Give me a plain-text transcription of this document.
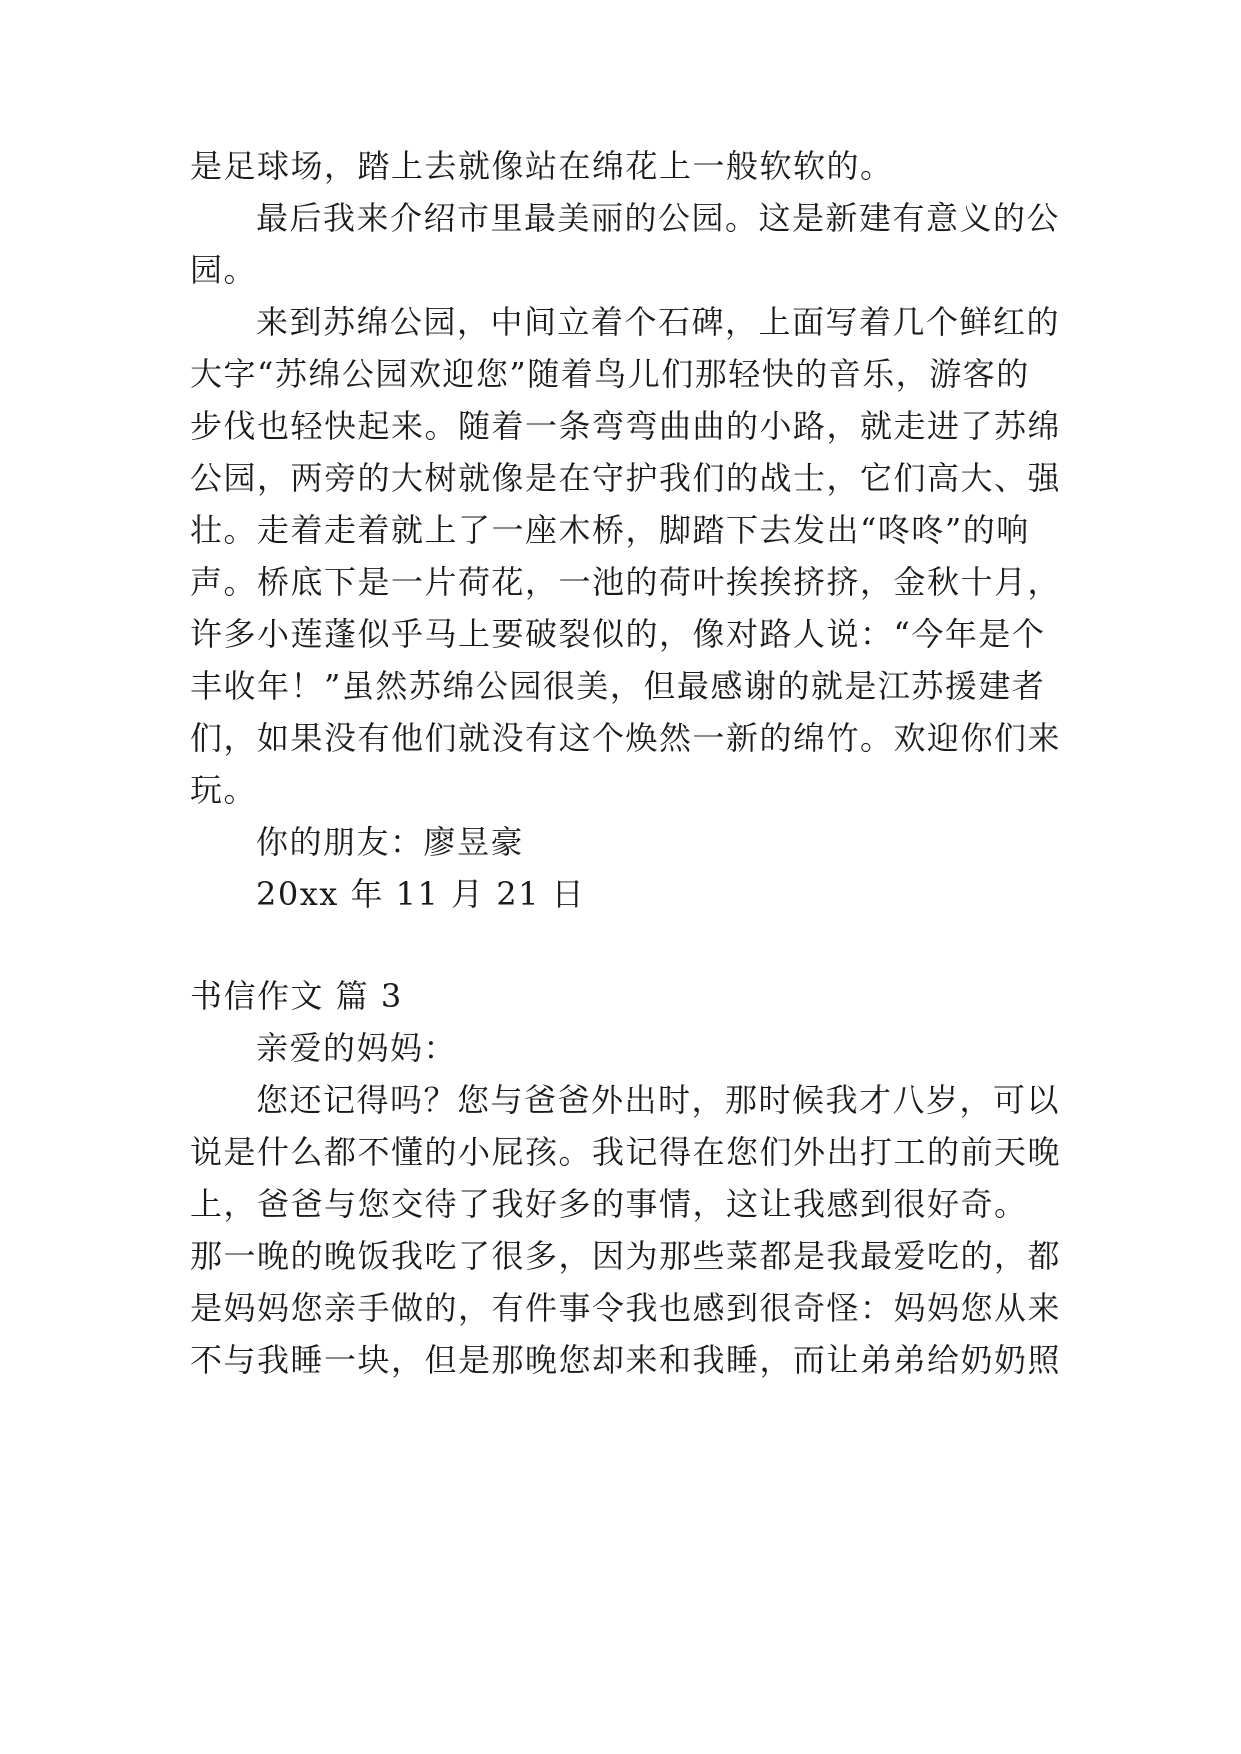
是足球场，踏上去就像站在绵花上一般软软的。
最后我来介绍市里最美丽的公园。这是新建有意义的公
园。
来到苏绵公园，中间立着个石碑，上面写着几个鲜红的
大字“苏绵公园欢迎您”随着鸟儿们那轻快的音乐，游客的
步伐也轻快起来。随着一条弯弯曲曲的小路，就走进了苏绵
公园，两旁的大树就像是在守护我们的战士，它们高大、强
壮。走着走着就上了一座木桥，脚踏下去发出“咚咚”的响
声。桥底下是一片荷花，一池的荷叶挨挨挤挤，金秋十月，
许多小莲蓬似乎马上要破裂似的，像对路人说：“今年是个
丰收年！”虽然苏绵公园很美，但最感谢的就是江苏援建者
们，如果没有他们就没有这个焕然一新的绵竹。欢迎你们来
玩。
你的朋友：廖昱豪
20xx 年 11 月 21 日
书信作文 篇 3
亲爱的妈妈：
您还记得吗？您与爸爸外出时，那时候我才八岁，可以
说是什么都不懂的小屁孩。我记得在您们外出打工的前天晚
上，爸爸与您交待了我好多的事情，这让我感到很好奇。
那一晚的晚饭我吃了很多，因为那些菜都是我最爱吃的，都
是妈妈您亲手做的，有件事令我也感到很奇怪：妈妈您从来
不与我睡一块，但是那晚您却来和我睡，而让弟弟给奶奶照
